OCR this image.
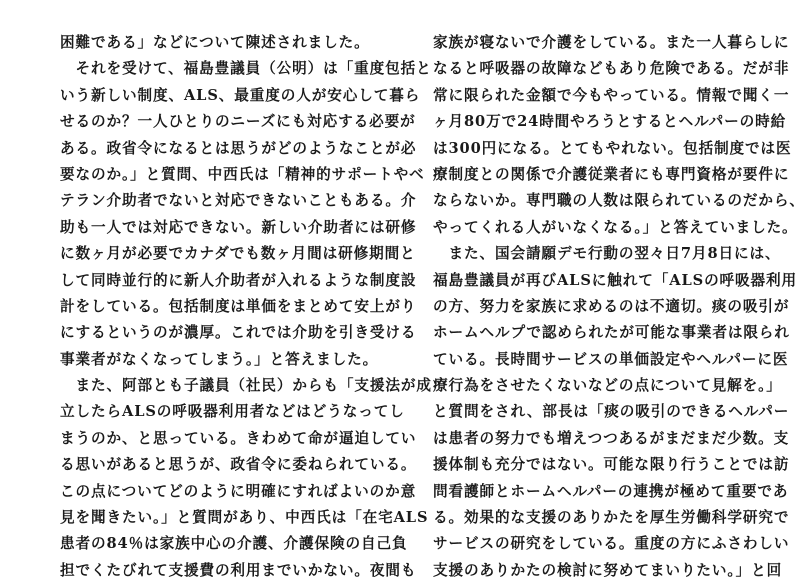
困難である」などについて陳述されました。
　それを受けて、福島豊議員（公明）は「重度包括と
いう新しい制度、ALS、最重度の人が安心して暮ら
せるのか？一人ひとりのニーズにも対応する必要が
ある。政省令になるとは思うがどのようなことが必
要なのか。」と質問、中西氏は「精神的サポートやベ
テラン介助者でないと対応できないこともある。介
助も一人では対応できない。新しい介助者には研修
に数ヶ月が必要でカナダでも数ヶ月間は研修期間と
して同時並行的に新人介助者が入れるような制度設
計をしている。包括制度は単価をまとめて安上がり
にするというのが濃厚。これでは介助を引き受ける
事業者がなくなってしまう。」と答えました。
　また、阿部とも子議員（社民）からも「支援法が成
立したらALSの呼吸器利用者などはどうなってし
まうのか、と思っている。きわめて命が逼迫してい
る思いがあると思うが、政省令に委ねられている。
この点についてどのように明確にすればよいのか意
見を聞きたい。」と質問があり、中西氏は「在宅ALS
患者の84％は家族中心の介護、介護保険の自己負
担でくたびれて支援費の利用までいかない。夜間も
家族が寝ないで介護をしている。また一人暮らしに
なると呼吸器の故障などもあり危険である。だが非
常に限られた金額で今もやっている。情報で聞く一
ヶ月80万で24時間やろうとするとヘルパーの時給
は300円になる。とてもやれない。包括制度では医
療制度との関係で介護従業者にも専門資格が要件に
ならないか。専門職の人数は限られているのだから、
やってくれる人がいなくなる。」と答えていました。
　また、国会請願デモ行動の翌々日7月8日には、
福島豊議員が再びALSに触れて「ALSの呼吸器利用
の方、努力を家族に求めるのは不適切。痰の吸引が
ホームヘルプで認められたが可能な事業者は限られ
ている。長時間サービスの単価設定やヘルパーに医
療行為をさせたくないなどの点について見解を。」
と質問をされ、部長は「痰の吸引のできるヘルパー
は患者の努力でも増えつつあるがまだまだ少数。支
援体制も充分ではない。可能な限り行うことでは訪
問看護師とホームヘルパーの連携が極めて重要であ
る。効果的な支援のありかたを厚生労働科学研究で
サービスの研究をしている。重度の方にふさわしい
支援のありかたの検討に努めてまいりたい。」と回
